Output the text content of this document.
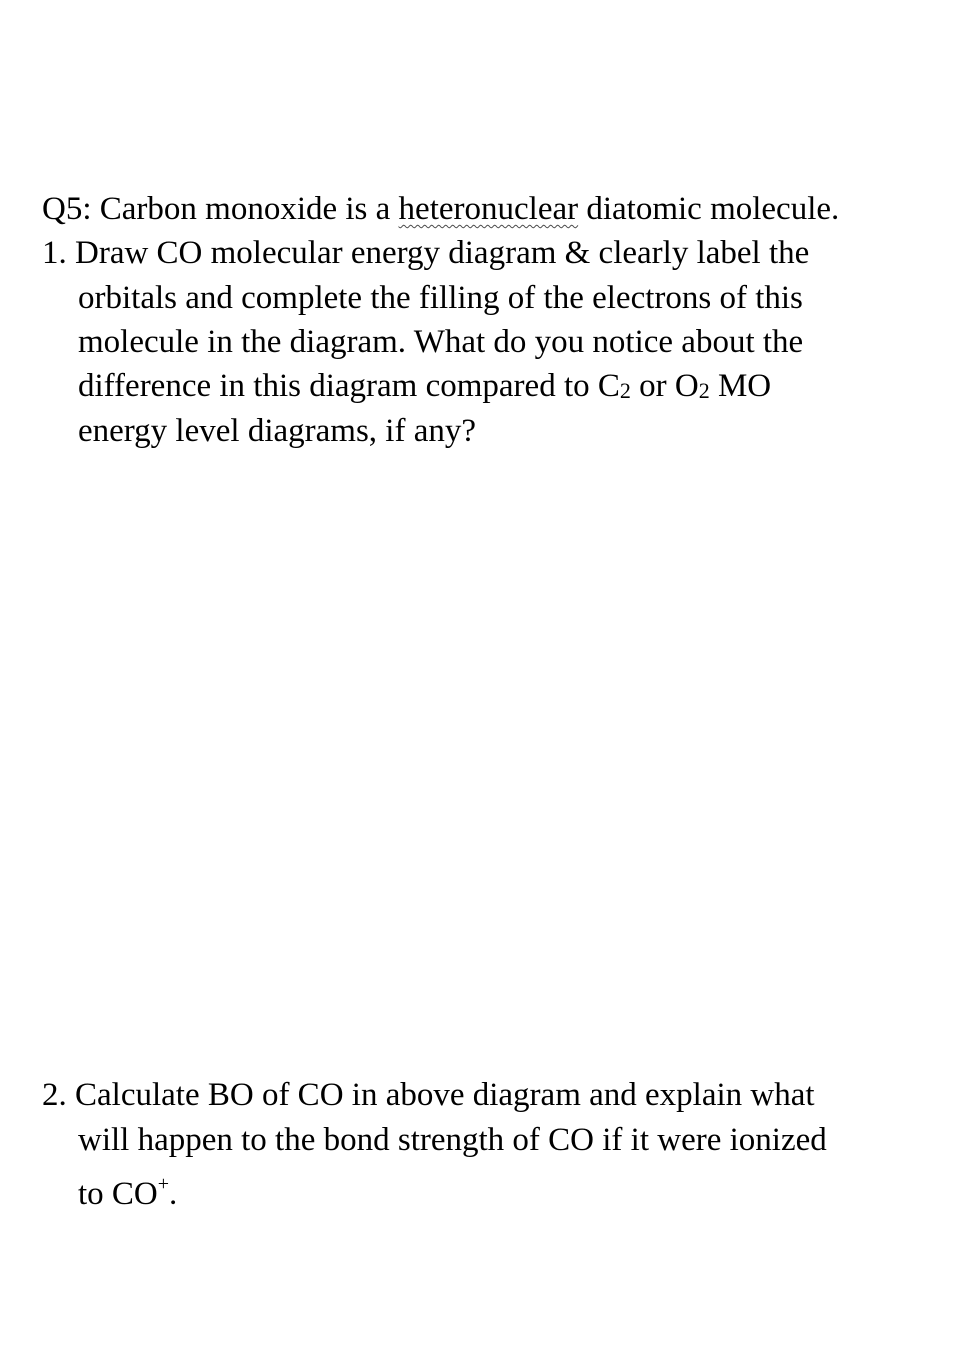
Q5: Carbon monoxide is a heteronuclear diatomic molecule.
1. Draw CO molecular energy diagram & clearly label the
orbitals and complete the filling of the electrons of this
molecule in the diagram. What do you notice about the
difference in this diagram compared to C2 or O2 MO
energy level diagrams, if any?
2. Calculate BO of CO in above diagram and explain what
will happen to the bond strength of CO if it were ionized
to CO+.
